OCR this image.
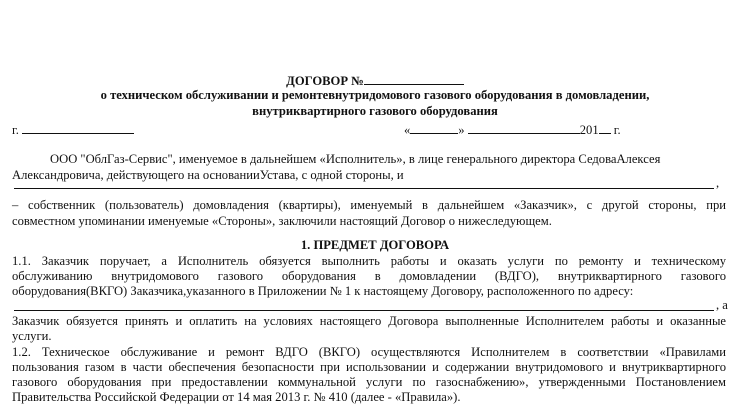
ДОГОВОР №
о техническом обслуживании и ремонтевнутридомового газового оборудования в домовладении,
внутриквартирного газового оборудования
г.	«	»	201 г.
ООО "ОблГаз-Сервис", именуемое в дальнейшем «Исполнитель», в лице генерального директора СедоваАлексея
Александровича, действующего на основанииУстава, с одной стороны, и
,
– собственник (пользователь) домовладения (квартиры), именуемый в дальнейшем «Заказчик», с другой стороны, при
совместном упоминании именуемые «Стороны», заключили настоящий Договор о нижеследующем.
1. ПРЕДМЕТ ДОГОВОРА
1.1. Заказчик поручает, а Исполнитель обязуется выполнить работы и оказать услуги по ремонту и техническому
обслуживанию внутридомового газового оборудования в домовладении (ВДГО), внутриквартирного газового
оборудования(ВКГО) Заказчика,указанного в Приложении № 1 к настоящему Договору, расположенного по адресу:
, а
Заказчик обязуется принять и оплатить на условиях настоящего Договора выполненные Исполнителем работы и оказанные
услуги.
1.2. Техническое обслуживание и ремонт ВДГО (ВКГО) осуществляются Исполнителем в соответствии «Правилами
пользования газом в части обеспечения безопасности при использовании и содержании внутридомового и внутриквартирного
газового оборудования при предоставлении коммунальной услуги по газоснабжению», утвержденными Постановлением
Правительства Российской Федерации от 14 мая 2013 г. № 410 (далее - «Правила»).
